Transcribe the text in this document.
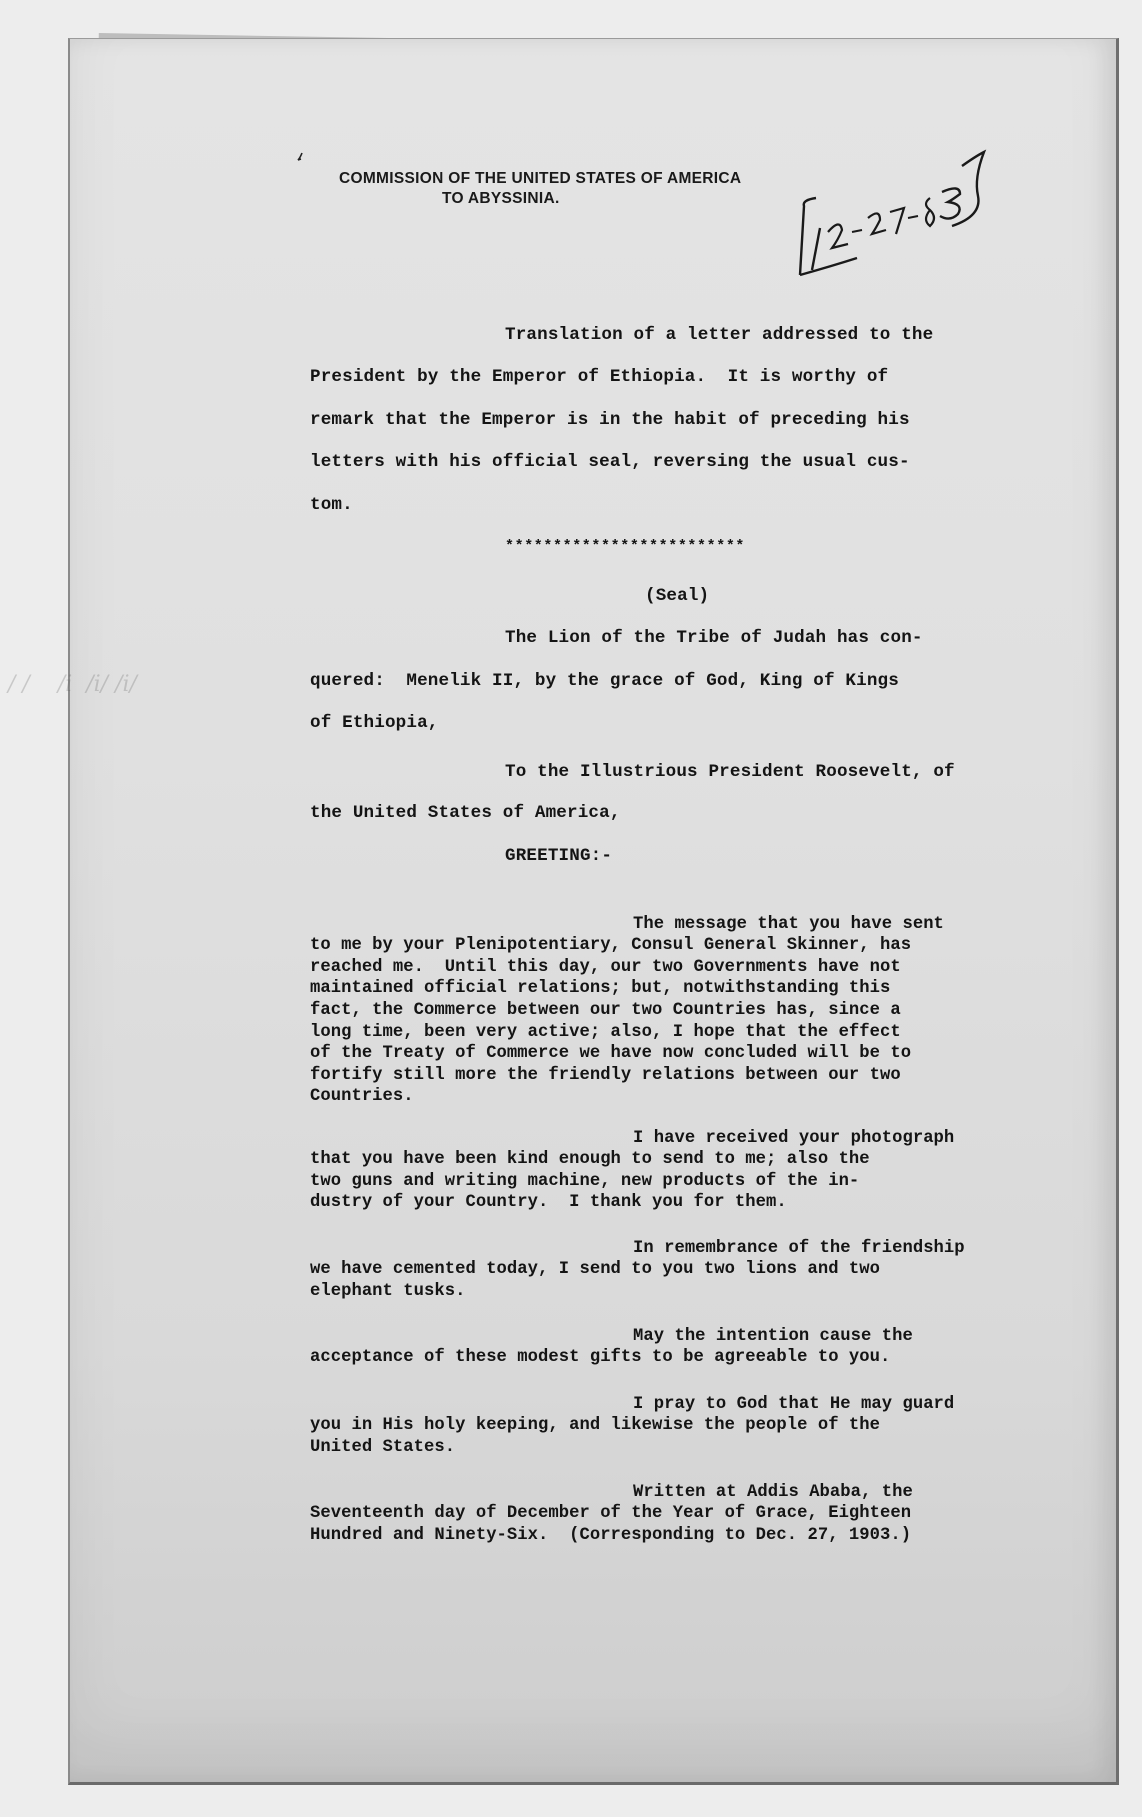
/ /    /i  /i/ /i/
COMMISSION OF THE UNITED STATES OF AMERICA
TO ABYSSINIA.
Translation of a letter addressed to the
President by the Emperor of Ethiopia.  It is worthy of
remark that the Emperor is in the habit of preceding his
letters with his official seal, reversing the usual cus-
tom.
*************************
(Seal)
The Lion of the Tribe of Judah has con-
quered:  Menelik II, by the grace of God, King of Kings
of Ethiopia,
To the Illustrious President Roosevelt, of
the United States of America,
GREETING:-

The message that you have sent
to me by your Plenipotentiary, Consul General Skinner, has
reached me.  Until this day, our two Governments have not
maintained official relations; but, notwithstanding this
fact, the Commerce between our two Countries has, since a
long time, been very active; also, I hope that the effect
of the Treaty of Commerce we have now concluded will be to
fortify still more the friendly relations between our two
Countries.

I have received your photograph
that you have been kind enough to send to me; also the
two guns and writing machine, new products of the in-
dustry of your Country.  I thank you for them.

In remembrance of the friendship
we have cemented today, I send to you two lions and two
elephant tusks.

May the intention cause the
acceptance of these modest gifts to be agreeable to you.

I pray to God that He may guard
you in His holy keeping, and likewise the people of the
United States.

Written at Addis Ababa, the
Seventeenth day of December of the Year of Grace, Eighteen
Hundred and Ninety-Six.  (Corresponding to Dec. 27, 1903.)
